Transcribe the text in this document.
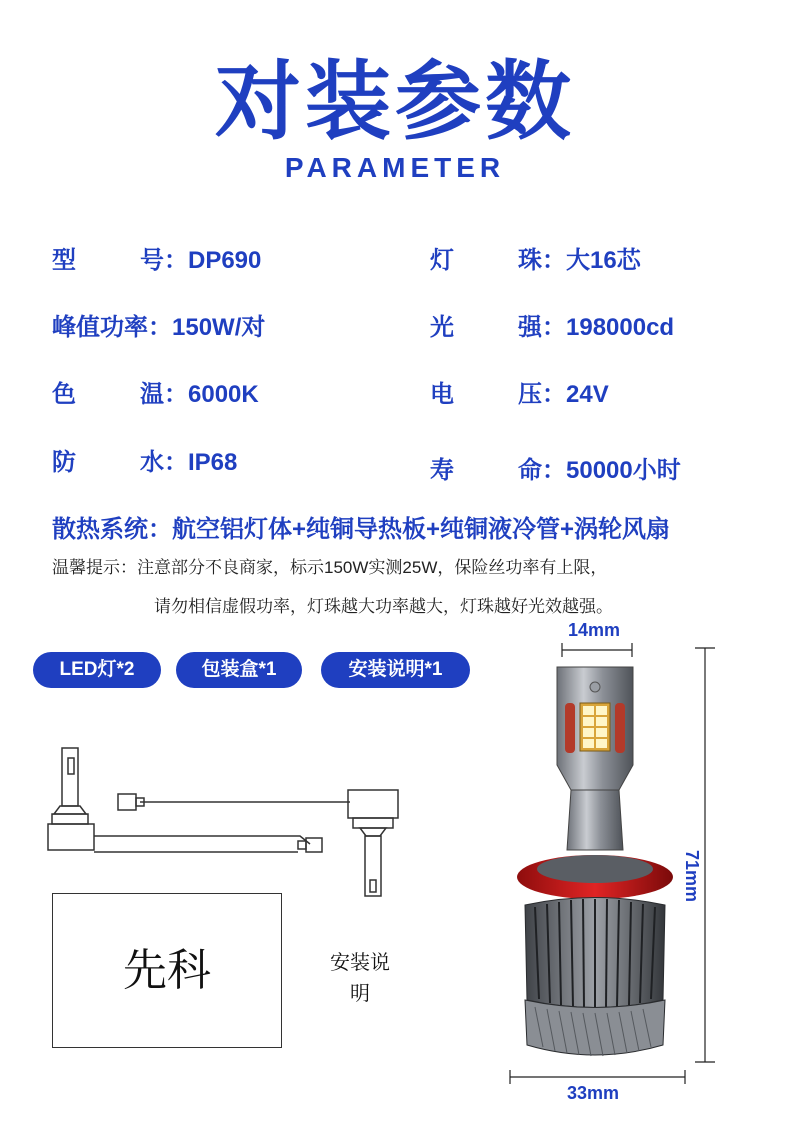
对装参数
PARAMETER
型	号：DP690	灯	珠：大16芯
峰值功率：150W/对	光	强：198000cd
色	温：6000K	电	压：24V
防	水：IP68	寿	命：50000小时
散热系统：航空铝灯体+纯铜导热板+纯铜液冷管+涡轮风扇
温馨提示：注意部分不良商家，标示150W实测25W，保险丝功率有上限，
请勿相信虚假功率，灯珠越大功率越大，灯珠越好光效越强。
LED灯*2	包装盒*1	安装说明*1
先科	安装说明
14mm
71mm
33mm
